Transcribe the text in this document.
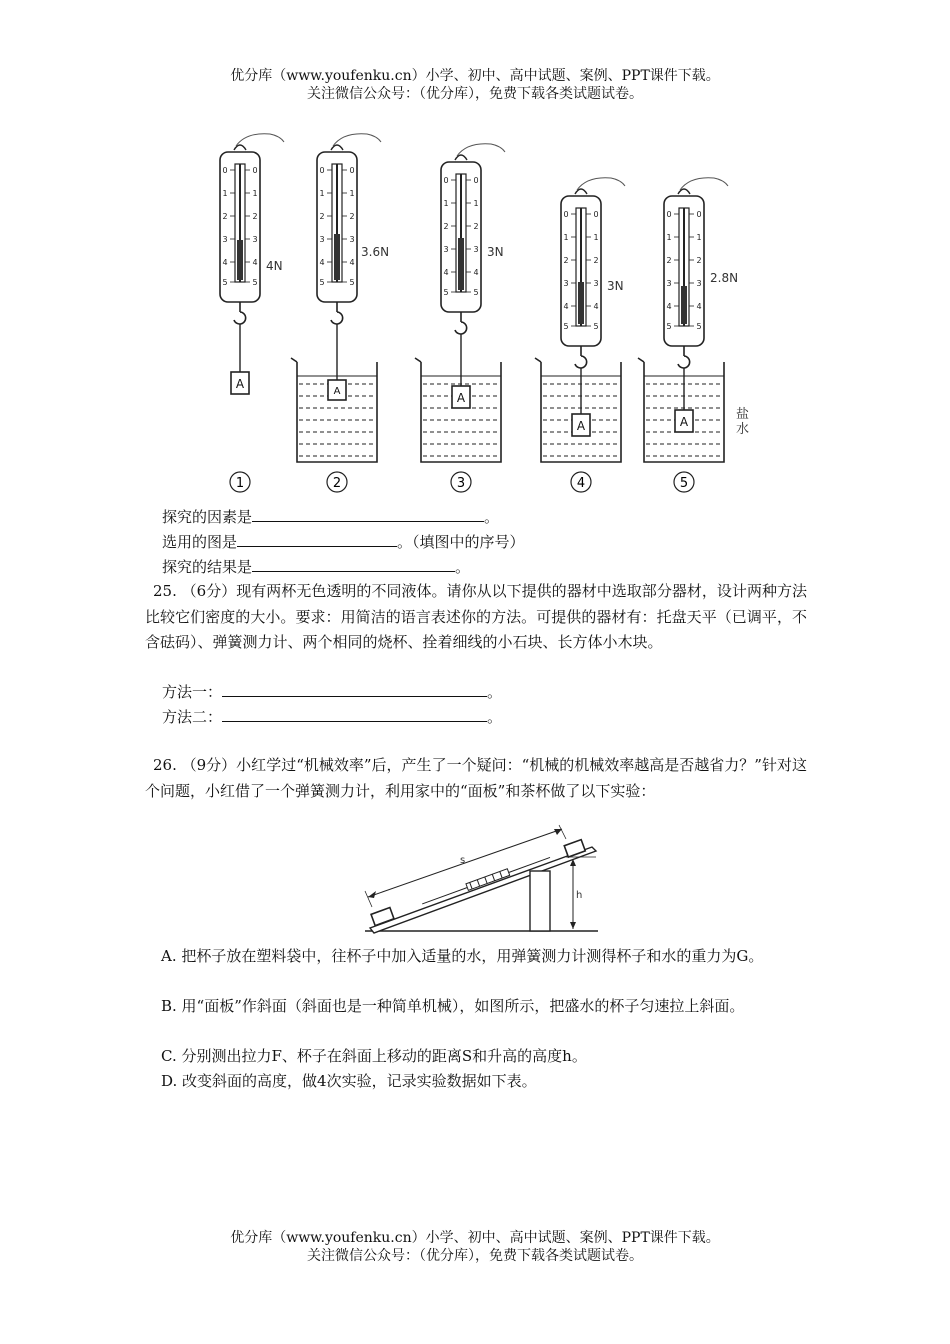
优分库（www.youfenku.cn）小学、初中、高中试题、案例、PPT课件下载。
关注微信公众号：（优分库），免费下载各类试题试卷。
0
0	0
1	1
2	2
3	3
4	4
5	5
4N
A
0	0
1	1
2	2
3	3
4	4
5	5
3.6N
A
0	0
1	1
2	2
3	3
4	4
5	5
3N
A
0	0
1	1
2	2
3	3
4	4
5	5
3N
A
0	0
1	1
2	2
3	3
4	4
5	5
2.8N
A	盐水
1	2	3	4	5
探究的因素是	。
选用的图是	。（填图中的序号）
探究的结果是	。
25. （6分）现有两杯无色透明的不同液体。请你从以下提供的器材中选取部分器材，设计两种方法比较它们密度的大小。要求：用简洁的语言表述你的方法。可提供的器材有：托盘天平（已调平，不含砝码）、弹簧测力计、两个相同的烧杯、拴着细线的小石块、长方体小木块。
方法一：	。
方法二：	。
26. （9分）小红学过“机械效率”后，产生了一个疑问：“机械的机械效率越高是否越省力？”针对这个问题，小红借了一个弹簧测力计，利用家中的“面板”和茶杯做了以下实验：
s
h
A. 把杯子放在塑料袋中，往杯子中加入适量的水，用弹簧测力计测得杯子和水的重力为G。
B. 用“面板”作斜面（斜面也是一种简单机械），如图所示，把盛水的杯子匀速拉上斜面。
C. 分别测出拉力F、杯子在斜面上移动的距离S和升高的高度h。
D. 改变斜面的高度，做4次实验，记录实验数据如下表。
优分库（www.youfenku.cn）小学、初中、高中试题、案例、PPT课件下载。
关注微信公众号：（优分库），免费下载各类试题试卷。
